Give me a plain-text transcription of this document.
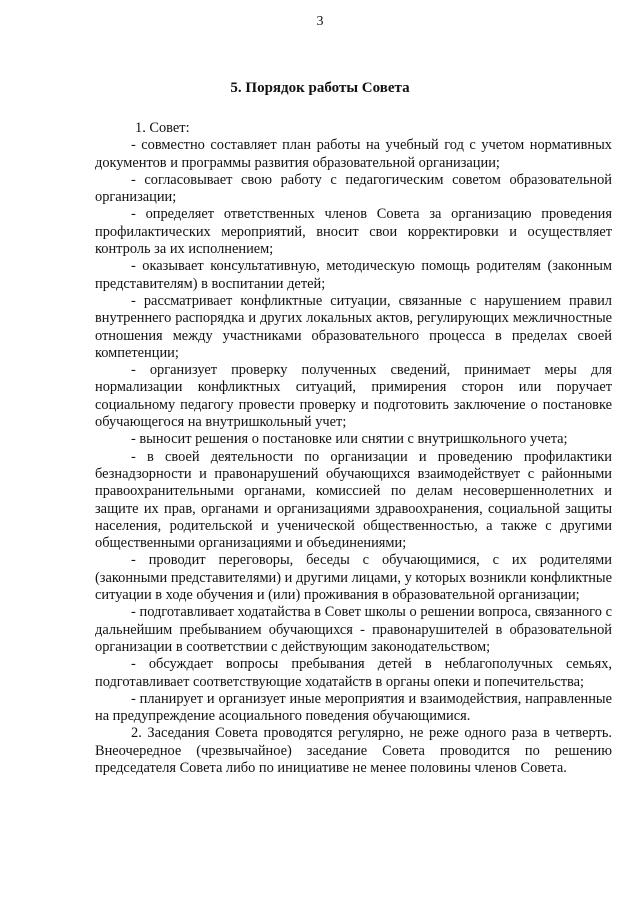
3
5. Порядок работы Совета

1. Совет:

- совместно составляет план работы на учебный год с учетом нормативных документов и программы развития образовательной организации;

- согласовывает свою работу с педагогическим советом образовательной организации;

- определяет ответственных членов Совета за организацию проведения профилактических мероприятий, вносит свои корректировки и осуществляет контроль за их исполнением;

- оказывает консультативную, методическую помощь родителям (законным представителям) в воспитании детей;

- рассматривает конфликтные ситуации, связанные с нарушением правил внутреннего распорядка и других локальных актов, регулирующих межличностные отношения между участниками образовательного процесса в пределах своей компетенции;

- организует проверку полученных сведений, принимает меры для нормализации конфликтных ситуаций, примирения сторон или поручает социальному педагогу провести проверку и подготовить заключение о постановке обучающегося на внутришкольный учет;

- выносит решения о постановке или снятии с внутришкольного учета;

- в своей деятельности по организации и проведению профилактики безнадзорности и правонарушений обучающихся взаимодействует с районными правоохранительными органами, комиссией по делам несовершеннолетних и защите их прав, органами и организациями здравоохранения, социальной защиты населения, родительской и ученической общественностью, а также с другими общественными организациями и объединениями;

- проводит переговоры, беседы с обучающимися, с их родителями (законными представителями) и другими лицами, у которых возникли конфликтные ситуации в ходе обучения и (или) проживания в образовательной организации;

- подготавливает ходатайства в Совет школы о решении вопроса, связанного с дальнейшим пребыванием обучающихся - правонарушителей в образовательной организации в соответствии с действующим законодательством;

- обсуждает вопросы пребывания детей в неблагополучных семьях, подготавливает соответствующие ходатайств в органы опеки и попечительства;

- планирует и организует иные мероприятия и взаимодействия, направленные на предупреждение асоциального поведения обучающимися.

2. Заседания Совета проводятся регулярно, не реже одного раза в четверть. Внеочередное (чрезвычайное) заседание Совета проводится по решению председателя Совета либо по инициативе не менее половины членов Совета.
